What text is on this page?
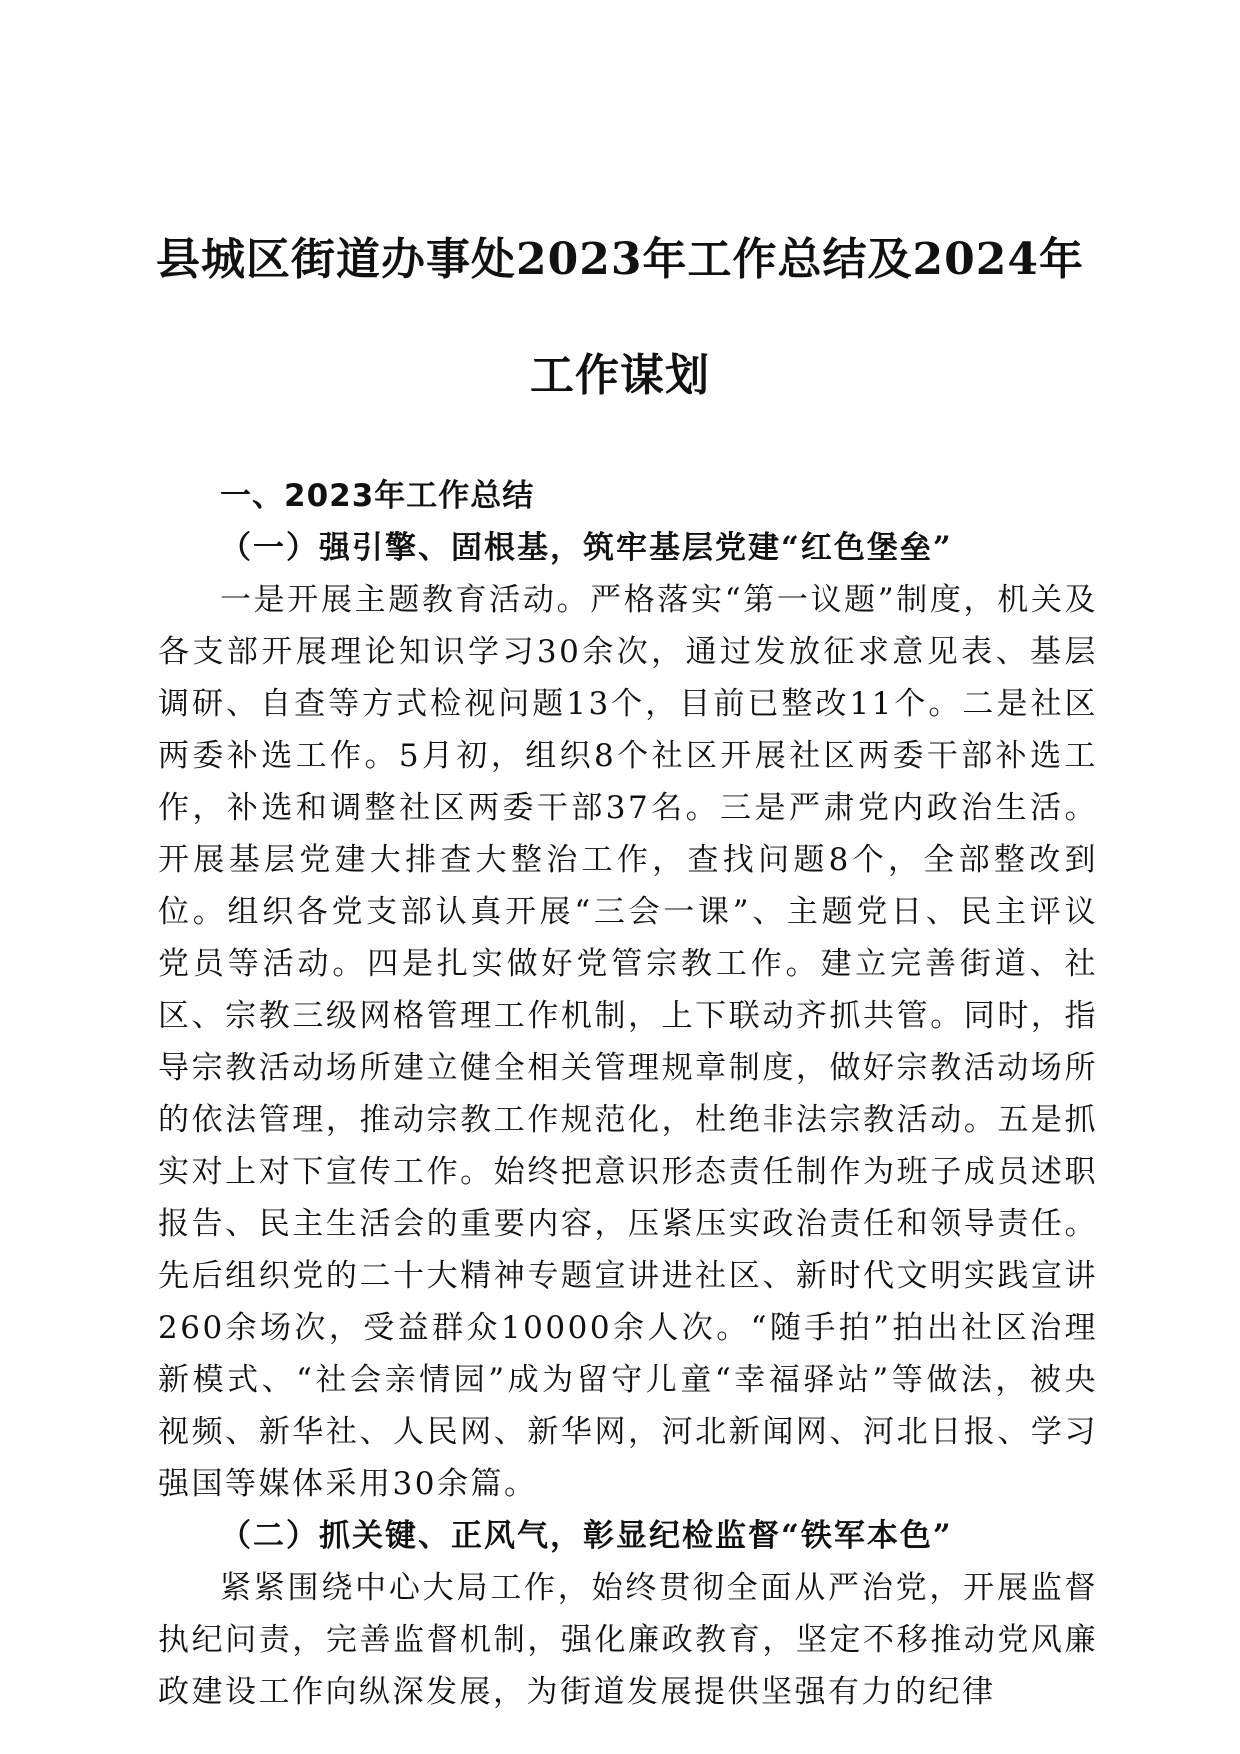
县城区街道办事处2023年工作总结及2024年
工作谋划

一、2023年工作总结

（一）强引擎、固根基，筑牢基层党建“红色堡垒”

一是开展主题教育活动。严格落实“第一议题”制度，机关及各支部开展理论知识学习30余次，通过发放征求意见表、基层调研、自查等方式检视问题13个，目前已整改11个。二是社区两委补选工作。5月初，组织8个社区开展社区两委干部补选工作，补选和调整社区两委干部37名。三是严肃党内政治生活。开展基层党建大排查大整治工作，查找问题8个，全部整改到位。组织各党支部认真开展“三会一课”、主题党日、民主评议党员等活动。四是扎实做好党管宗教工作。建立完善街道、社区、宗教三级网格管理工作机制，上下联动齐抓共管。同时，指导宗教活动场所建立健全相关管理规章制度，做好宗教活动场所的依法管理，推动宗教工作规范化，杜绝非法宗教活动。五是抓实对上对下宣传工作。始终把意识形态责任制作为班子成员述职报告、民主生活会的重要内容，压紧压实政治责任和领导责任。先后组织党的二十大精神专题宣讲进社区、新时代文明实践宣讲260余场次，受益群众10000余人次。“随手拍”拍出社区治理新模式、“社会亲情园”成为留守儿童“幸福驿站”等做法，被央视频、新华社、人民网、新华网，河北新闻网、河北日报、学习强国等媒体采用30余篇。

（二）抓关键、正风气，彰显纪检监督“铁军本色”

紧紧围绕中心大局工作，始终贯彻全面从严治党，开展监督执纪问责，完善监督机制，强化廉政教育，坚定不移推动党风廉政建设工作向纵深发展，为街道发展提供坚强有力的纪律
